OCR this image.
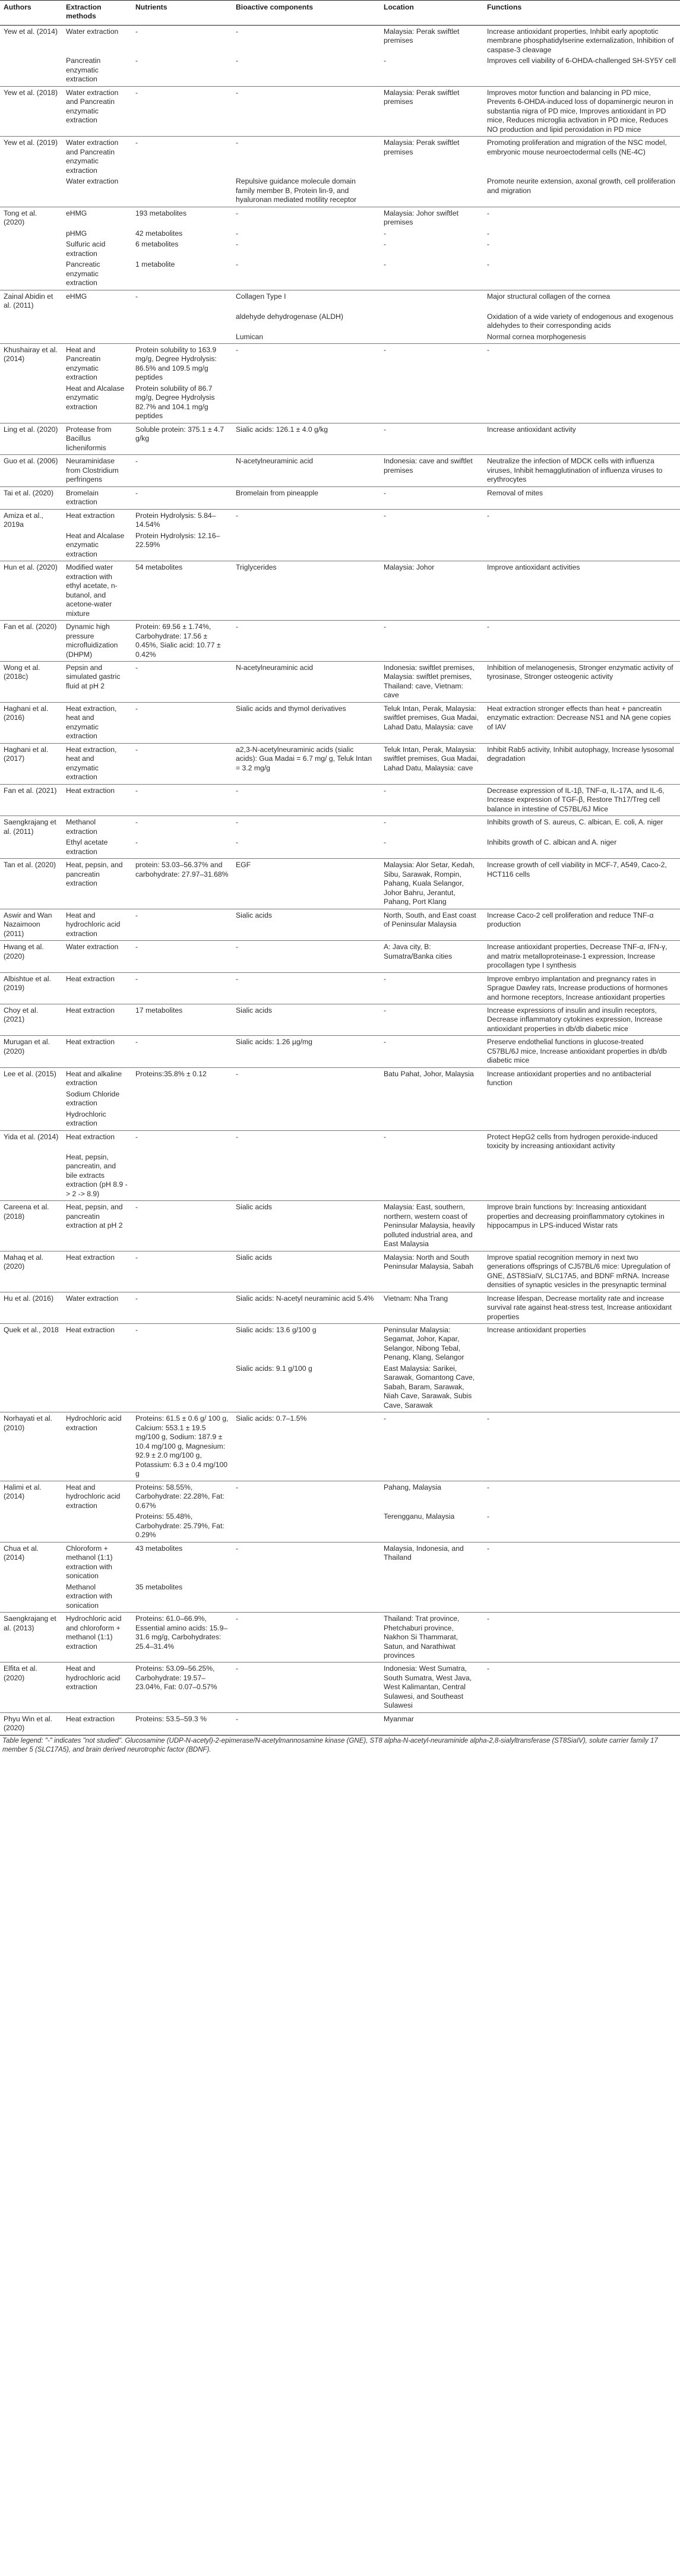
Authors	Extraction methods	Nutrients	Bioactive components	Location	Functions
Yew et al. (2014)	Water extraction	-	-	Malaysia: Perak swiftlet premises	Increase antioxidant properties, Inhibit early apoptotic membrane phosphatidylserine externalization, Inhibition of caspase-3 cleavage
	Pancreatin enzymatic extraction	-	-	-	Improves cell viability of 6-OHDA-challenged SH-SY5Y cell
Yew et al. (2018)	Water extraction and Pancreatin enzymatic extraction	-	-	Malaysia: Perak swiftlet premises	Improves motor function and balancing in PD mice, Prevents 6-OHDA-induced loss of dopaminergic neuron in substantia nigra of PD mice, Improves antioxidant in PD mice, Reduces microglia activation in PD mice, Reduces NO production and lipid peroxidation in PD mice
Yew et al. (2019)	Water extraction and Pancreatin enzymatic extraction	-	-	Malaysia: Perak swiftlet premises	Promoting proliferation and migration of the NSC model, embryonic mouse neuroectodermal cells (NE-4C)
	Water extraction		Repulsive guidance molecule domain family member B, Protein lin-9, and hyaluronan mediated motility receptor		Promote neurite extension, axonal growth, cell proliferation and migration
Tong et al. (2020)	eHMG	193 metabolites	-	Malaysia: Johor swiftlet premises	-
	pHMG	42 metabolites	-	-	-
	Sulfuric acid extraction	6 metabolites	-	-	-
	Pancreatic enzymatic extraction	1 metabolite	-	-	-
Zainal Abidin et al. (2011)	eHMG	-	Collagen Type I		Major structural collagen of the cornea
			aldehyde dehydrogenase (ALDH)		Oxidation of a wide variety of endogenous and exogenous aldehydes to their corresponding acids
			Lumican		Normal cornea morphogenesis
Khushairay et al. (2014)	Heat and Pancreatin enzymatic extraction	Protein solubility to 163.9 mg/g, Degree Hydrolysis: 86.5% and 109.5 mg/g peptides	-	-	-
	Heat and Alcalase enzymatic extraction	Protein solubility of 86.7 mg/g, Degree Hydrolysis 82.7% and 104.1 mg/g peptides			
Ling et al. (2020)	Protease from Bacillus licheniformis	Soluble protein: 375.1 ± 4.7 g/kg	Sialic acids: 126.1 ± 4.0 g/kg	-	Increase antioxidant activity
Guo et al. (2006)	Neuraminidase from Clostridium perfringens	-	N-acetylneuraminic acid	Indonesia: cave and swiftlet premises	Neutralize the infection of MDCK cells with influenza viruses, Inhibit hemagglutination of influenza viruses to erythrocytes
Tai et al. (2020)	Bromelain extraction	-	Bromelain from pineapple	-	Removal of mites
Amiza et al., 2019a	Heat extraction	Protein Hydrolysis: 5.84–14.54%	-	-	-
	Heat and Alcalase enzymatic extraction	Protein Hydrolysis: 12.16–22.59%			
Hun et al. (2020)	Modified water extraction with ethyl acetate, n-butanol, and acetone-water mixture	54 metabolites	Triglycerides	Malaysia: Johor	Improve antioxidant activities
Fan et al. (2020)	Dynamic high pressure microfluidization (DHPM)	Protein: 69.56 ± 1.74%, Carbohydrate: 17.56 ± 0.45%, Sialic acid: 10.77 ± 0.42%	-	-	-
Wong et al. (2018c)	Pepsin and simulated gastric fluid at pH 2	-	N-acetylneuraminic acid	Indonesia: swiftlet premises, Malaysia: swiftlet premises, Thailand: cave, Vietnam: cave	Inhibition of melanogenesis, Stronger enzymatic activity of tyrosinase, Stronger osteogenic activity
Haghani et al. (2016)	Heat extraction, heat and enzymatic extraction	-	Sialic acids and thymol derivatives	Teluk Intan, Perak, Malaysia: swiftlet premises, Gua Madai, Lahad Datu, Malaysia: cave	Heat extraction stronger effects than heat + pancreatin enzymatic extraction: Decrease NS1 and NA gene copies of IAV
Haghani et al. (2017)	Heat extraction, heat and enzymatic extraction	-	a2,3-N-acetylneuraminic acids (sialic acids): Gua Madai = 6.7 mg/ g, Teluk Intan = 3.2 mg/g	Teluk Intan, Perak, Malaysia: swiftlet premises, Gua Madai, Lahad Datu, Malaysia: cave	Inhibit Rab5 activity, Inhibit autophagy, Increase lysosomal degradation
Fan et al. (2021)	Heat extraction	-	-	-	Decrease expression of IL-1β, TNF-α, IL-17A, and IL-6, Increase expression of TGF-β, Restore Th17/Treg cell balance in intestine of C57BL/6J Mice
Saengkrajang et al. (2011)	Methanol extraction	-	-	-	Inhibits growth of S. aureus, C. albican, E. coli, A. niger
	Ethyl acetate extraction	-	-	-	Inhibits growth of C. albican and A. niger
Tan et al. (2020)	Heat, pepsin, and pancreatin extraction	protein: 53.03–56.37% and carbohydrate: 27.97–31.68%	EGF	Malaysia: Alor Setar, Kedah, Sibu, Sarawak, Rompin, Pahang, Kuala Selangor, Johor Bahru, Jerantut, Pahang, Port Klang	Increase growth of cell viability in MCF-7, A549, Caco-2, HCT116 cells
Aswir and Wan Nazaimoon (2011)	Heat and hydrochloric acid extraction	-	Sialic acids	North, South, and East coast of Peninsular Malaysia	Increase Caco-2 cell proliferation and reduce TNF-α production
Hwang et al. (2020)	Water extraction	-	-	A: Java city, B: Sumatra/Banka cities	Increase antioxidant properties, Decrease TNF-α, IFN-γ, and matrix metalloproteinase-1 expression, Increase procollagen type I synthesis
Albishtue et al. (2019)	Heat extraction	-	-	-	Improve embryo implantation and pregnancy rates in Sprague Dawley rats, Increase productions of hormones and hormone receptors, Increase antioxidant properties
Choy et al. (2021)	Heat extraction	17 metabolites	Sialic acids	-	Increase expressions of insulin and insulin receptors, Decrease inflammatory cytokines expression, Increase antioxidant properties in db/db diabetic mice
Murugan et al. (2020)	Heat extraction	-	Sialic acids: 1.26 µg/mg	-	Preserve endothelial functions in glucose-treated C57BL/6J mice, Increase antioxidant properties in db/db diabetic mice
Lee et al. (2015)	Heat and alkaline extraction	Proteins:35.8% ± 0.12	-	Batu Pahat, Johor, Malaysia	Increase antioxidant properties and no antibacterial function
	Sodium Chloride extraction				
	Hydrochloric extraction				
Yida et al. (2014)	Heat extraction	-	-	-	Protect HepG2 cells from hydrogen peroxide-induced toxicity by increasing antioxidant activity
	Heat, pepsin, pancreatin, and bile extracts extraction (pH 8.9 -> 2 -> 8.9)				
Careena et al. (2018)	Heat, pepsin, and pancreatin extraction at pH 2	-	Sialic acids	Malaysia: East, southern, northern, western coast of Peninsular Malaysia, heavily polluted industrial area, and East Malaysia	Improve brain functions by: Increasing antioxidant properties and decreasing proinflammatory cytokines in hippocampus in LPS-induced Wistar rats
Mahaq et al. (2020)	Heat extraction	-	Sialic acids	Malaysia: North and South Peninsular Malaysia, Sabah	Improve spatial recognition memory in next two generations offsprings of CJ57BL/6 mice: Upregulation of GNE, ΔST8SiaIV, SLC17A5, and BDNF mRNA. Increase densities of synaptic vesicles in the presynaptic terminal
Hu et al. (2016)	Water extraction	-	Sialic acids: N-acetyl neuraminic acid 5.4%	Vietnam: Nha Trang	Increase lifespan, Decrease mortality rate and increase survival rate against heat-stress test, Increase antioxidant properties
Quek et al., 2018	Heat extraction	-	Sialic acids: 13.6 g/100 g	Peninsular Malaysia: Segamat, Johor, Kapar, Selangor, Nibong Tebal, Penang, Klang, Selangor	Increase antioxidant properties
			Sialic acids: 9.1 g/100 g	East Malaysia: Sarikei, Sarawak, Gomantong Cave, Sabah, Baram, Sarawak, Niah Cave, Sarawak, Subis Cave, Sarawak	
Norhayati et al. (2010)	Hydrochloric acid extraction	Proteins: 61.5 ± 0.6 g/ 100 g, Calcium: 553.1 ± 19.5 mg/100 g, Sodium: 187.9 ± 10.4 mg/100 g, Magnesium: 92.9 ± 2.0 mg/100 g, Potassium: 6.3 ± 0.4 mg/100 g	Sialic acids: 0.7–1.5%	-	-
Halimi et al. (2014)	Heat and hydrochloric acid extraction	Proteins: 58.55%, Carbohydrate: 22.28%, Fat: 0.67%	-	Pahang, Malaysia	-
		Proteins: 55.48%, Carbohydrate: 25.79%, Fat: 0.29%		Terengganu, Malaysia	-
Chua et al. (2014)	Chloroform + methanol (1:1) extraction with sonication	43 metabolites	-	Malaysia, Indonesia, and Thailand	-
	Methanol extraction with sonication	35 metabolites			
Saengkrajang et al. (2013)	Hydrochloric acid and chloroform + methanol (1:1) extraction	Proteins: 61.0–66.9%, Essential amino acids: 15.9–31.6 mg/g, Carbohydrates: 25.4–31.4%	-	Thailand: Trat province, Phetchaburi province, Nakhon Si Thammarat, Satun, and Narathiwat provinces	-
Elfita et al. (2020)	Heat and hydrochloric acid extraction	Proteins: 53.09–56.25%, Carbohydrate: 19.57–23.04%, Fat: 0.07–0.57%	-	Indonesia: West Sumatra, South Sumatra, West Java, West Kalimantan, Central Sulawesi, and Southeast Sulawesi	-
Phyu Win et al. (2020)	Heat extraction	Proteins: 53.5–59.3 %	-	Myanmar	
Table legend: "-" indicates "not studied". Glucosamine (UDP-N-acetyl)-2-epimerase/N-acetylmannosamine kinase (GNE), ST8 alpha-N-acetyl-neuraminide alpha-2,8-sialyltransferase (ST8SiaIV), solute carrier family 17 member 5 (SLC17A5), and brain derived neurotrophic factor (BDNF).
